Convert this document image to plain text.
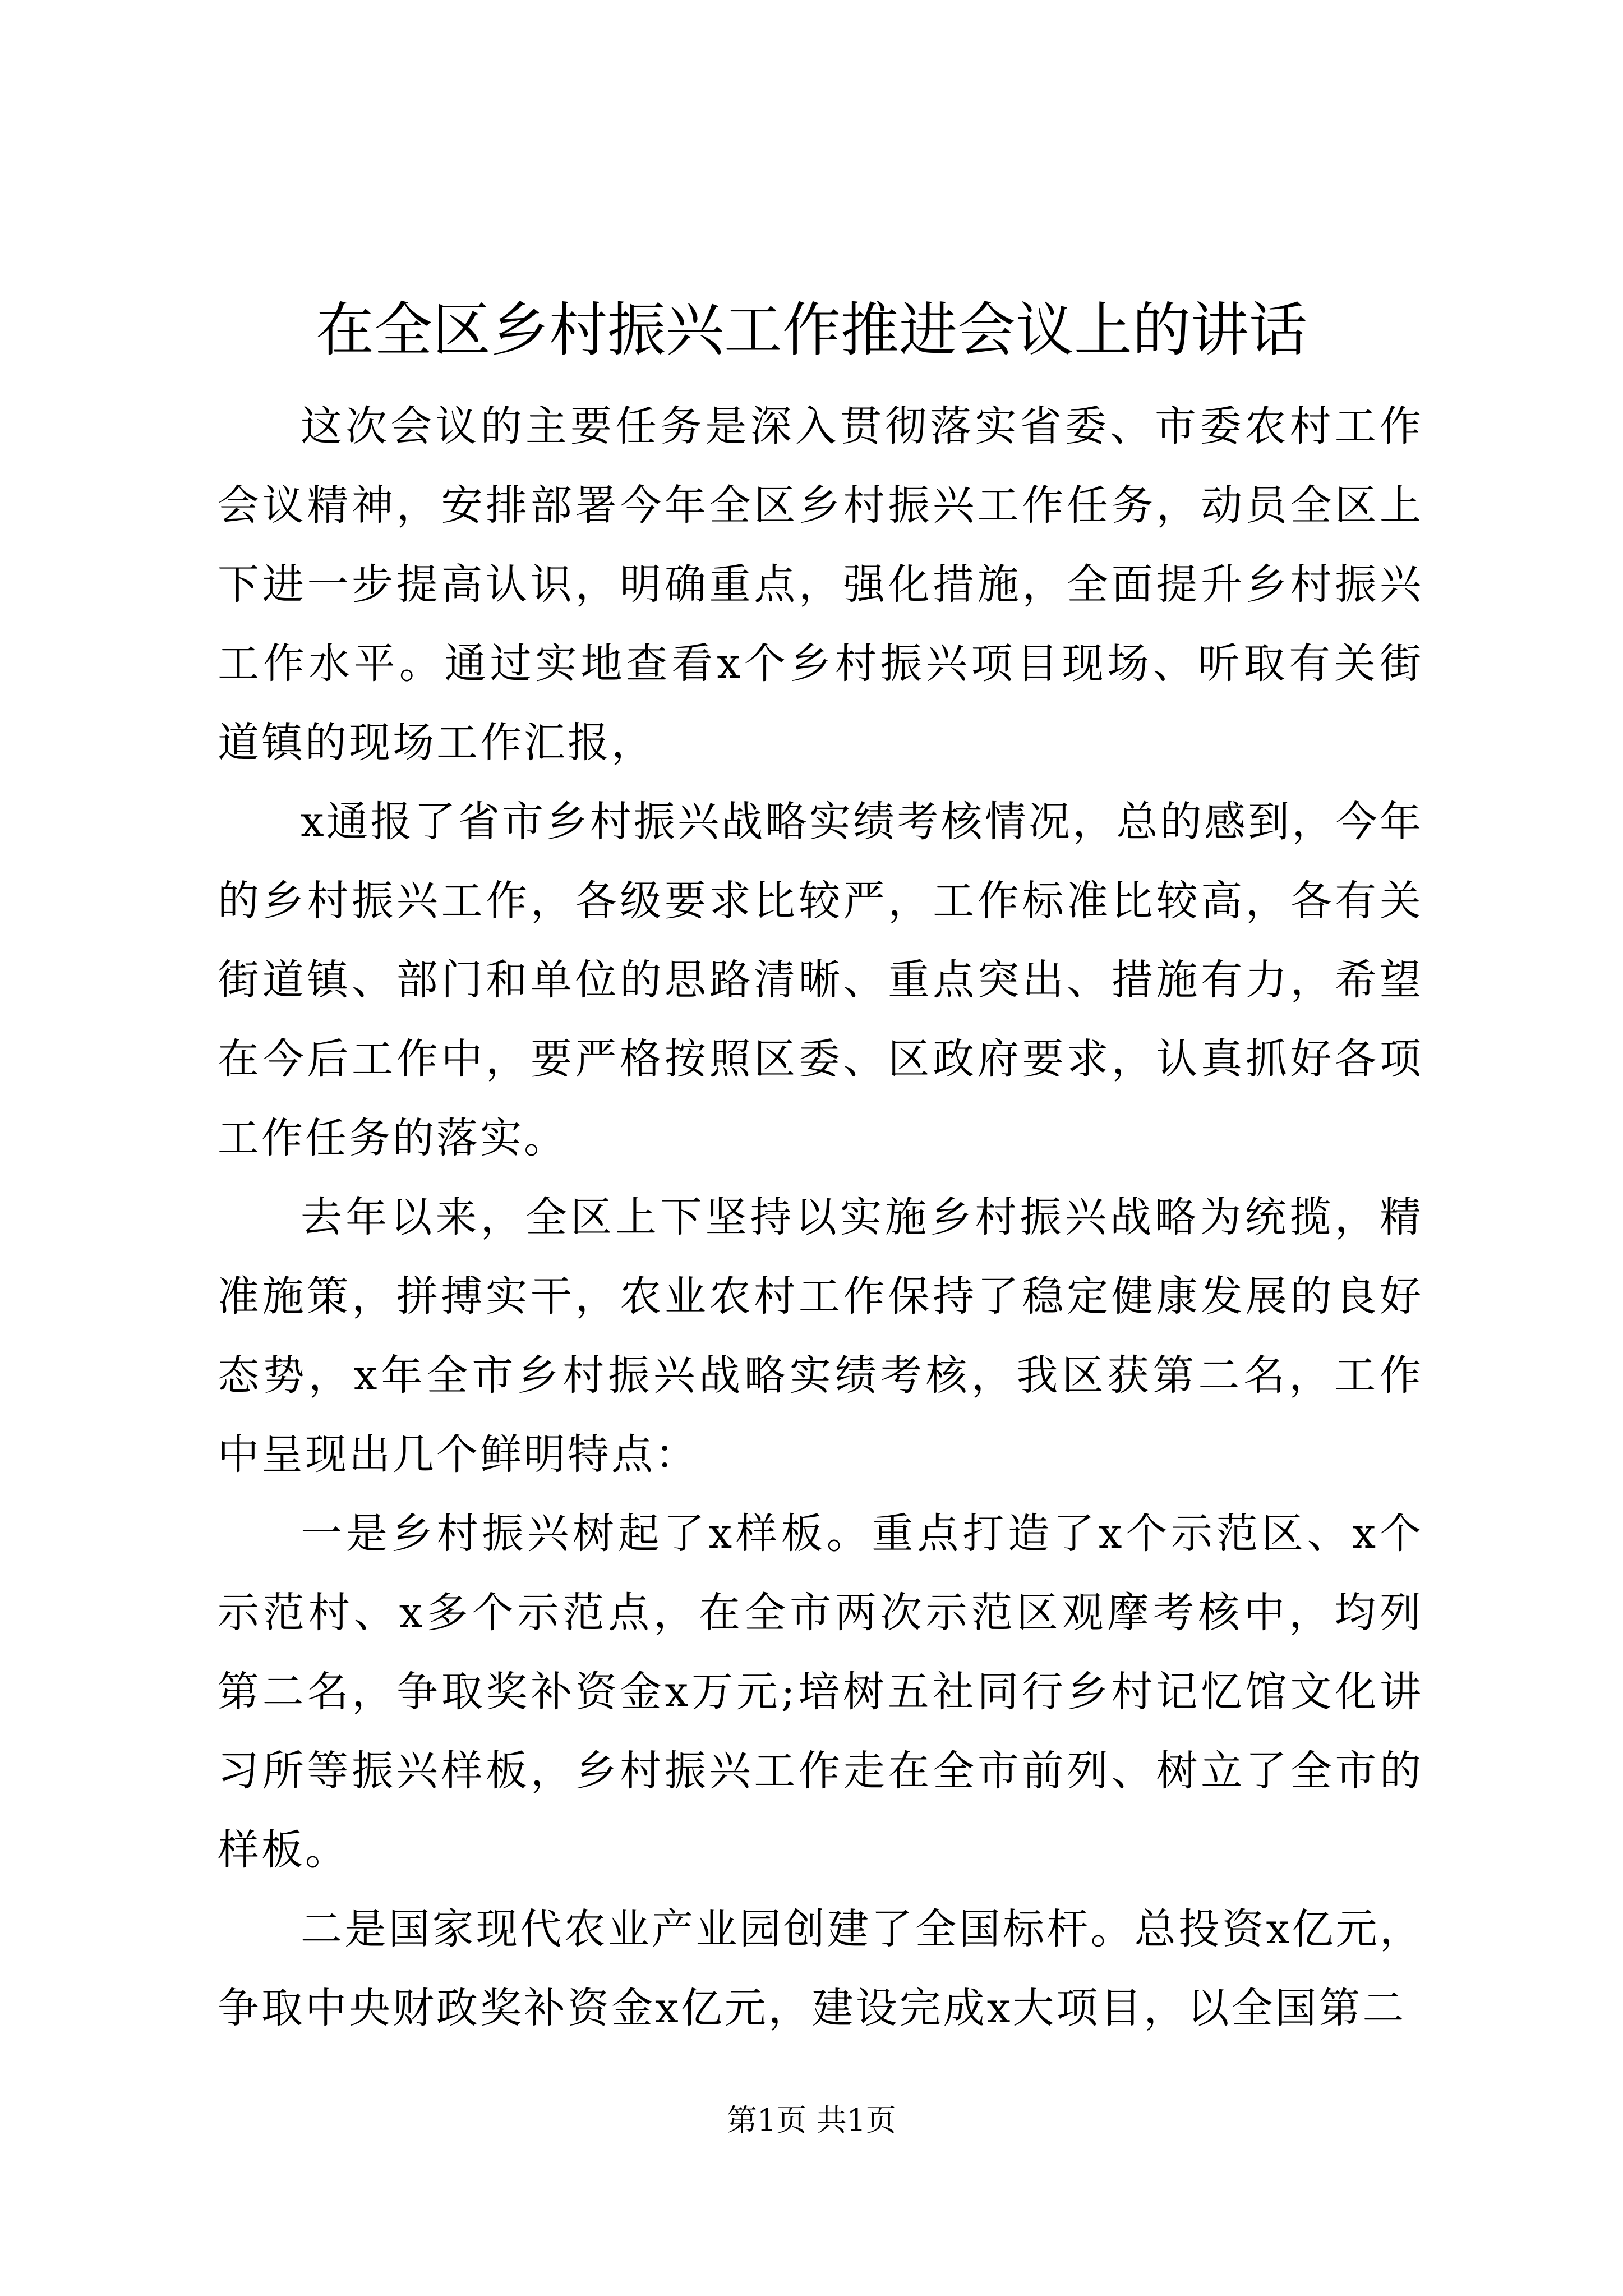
在全区乡村振兴工作推进会议上的讲话

这次会议的主要任务是深入贯彻落实省委、市委农村工作会议精神，安排部署今年全区乡村振兴工作任务，动员全区上下进一步提高认识，明确重点，强化措施，全面提升乡村振兴工作水平。通过实地查看x个乡村振兴项目现场、听取有关街道镇的现场工作汇报，

x通报了省市乡村振兴战略实绩考核情况，总的感到，今年的乡村振兴工作，各级要求比较严，工作标准比较高，各有关街道镇、部门和单位的思路清晰、重点突出、措施有力，希望在今后工作中，要严格按照区委、区政府要求，认真抓好各项工作任务的落实。

去年以来，全区上下坚持以实施乡村振兴战略为统揽，精准施策，拼搏实干，农业农村工作保持了稳定健康发展的良好态势，x年全市乡村振兴战略实绩考核，我区获第二名，工作中呈现出几个鲜明特点：

一是乡村振兴树起了x样板。重点打造了x个示范区、x个示范村、x多个示范点，在全市两次示范区观摩考核中，均列第二名，争取奖补资金x万元;培树五社同行乡村记忆馆文化讲习所等振兴样板，乡村振兴工作走在全市前列、树立了全市的样板。

二是国家现代农业产业园创建了全国标杆。总投资x亿元，争取中央财政奖补资金x亿元，建设完成x大项目，以全国第二

第1页 共1页
